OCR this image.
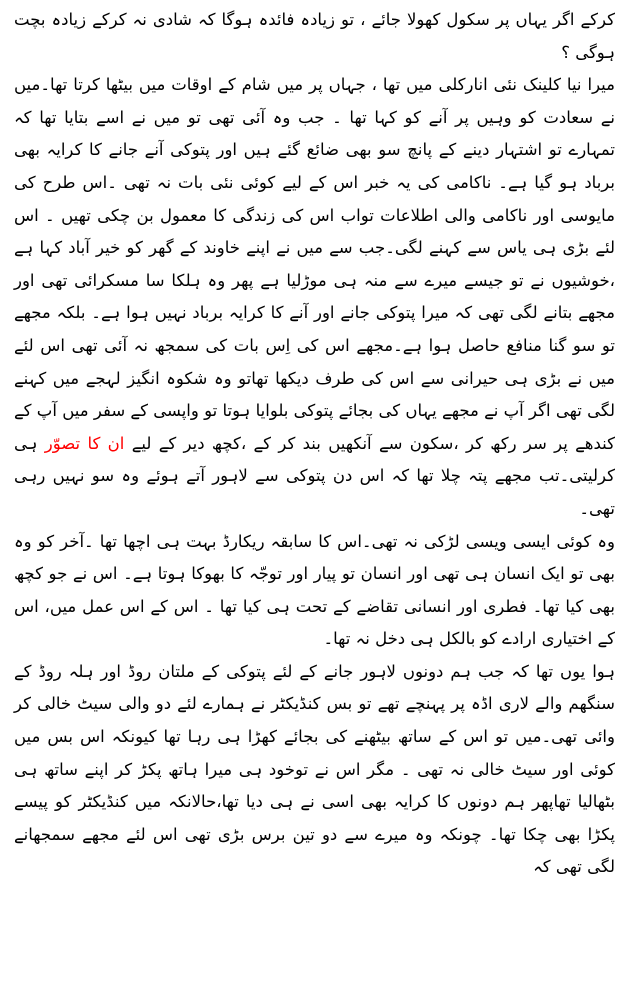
کرکے اگر یہاں پر سکول کھولا جائے ، تو زیادہ فائدہ ہوگا کہ شادی نہ کرکے زیادہ بچت ہوگی ؟

میرا نیا کلینک نئی انارکلی میں تھا ، جہاں پر میں شام کے اوقات میں بیٹھا کرتا تھا۔میں نے سعادت کو وہیں پر آنے کو کہا تھا ۔ جب وہ آئی تھی تو میں نے اسے بتایا تھا کہ تمہارے تو اشتہار دینے کے پانچ سو بھی ضائع گئے ہیں اور پتوکی آنے جانے کا کرایہ بھی برباد ہو گیا ہے۔ ناکامی کی یہ خبر اس کے لیے کوئی نئی بات نہ تھی ۔اس طرح کی مایوسی اور ناکامی والی اطلاعات تواب اس کی زندگی کا معمول بن چکی تھیں ۔ اس لئے بڑی ہی یاس سے کہنے لگی۔جب سے میں نے اپنے خاوند کے گھر کو خیر آباد کہا ہے ،خوشیوں نے تو جیسے میرے سے منہ ہی موڑلیا ہے پھر وہ ہلکا سا مسکرائی تھی اور مجھے بتانے لگی تھی کہ میرا پتوکی جانے اور آنے کا کرایہ برباد نہیں ہوا ہے۔ بلکہ مجھے تو سو گنا منافع حاصل ہوا ہے۔مجھے اس کی اِس بات کی سمجھ نہ آئی تھی اس لئے میں نے بڑی ہی حیرانی سے اس کی طرف دیکھا تھاتو وہ شکوہ انگیز لہجے میں کہنے لگی تھی اگر آپ نے مجھے یہاں کی بجائے پتوکی بلوایا ہوتا تو واپسی کے سفر میں آپ کے کندھے پر سر رکھ کر ،سکون سے آنکھیں بند کر کے ،کچھ دیر کے لیے ان کا تصوّر ہی کرلیتی۔تب مجھے پتہ چلا تھا کہ اس دن پتوکی سے لاہور آتے ہوئے وہ سو نہیں رہی تھی۔

وہ کوئی ایسی ویسی لڑکی نہ تھی۔اس کا سابقہ ریکارڈ بہت ہی اچھا تھا ۔آخر کو وہ بھی تو ایک انسان ہی تھی اور انسان تو پیار اور توجّہ کا بھوکا ہوتا ہے۔ اس نے جو کچھ بھی کیا تھا۔ فطری اور انسانی تقاضے کے تحت ہی کیا تھا ۔ اس کے اس عمل میں، اس کے اختیاری ارادے کو بالکل ہی دخل نہ تھا۔

ہوا یوں تھا کہ جب ہم دونوں لاہور جانے کے لئے پتوکی کے ملتان روڈ اور ہلہ روڈ کے سنگھم والے لاری اڈہ پر پہنچے تھے تو بس کنڈیکٹر نے ہمارے لئے دو والی سیٹ خالی کر وائی تھی۔میں تو اس کے ساتھ بیٹھنے کی بجائے کھڑا ہی رہا تھا کیونکہ اس بس میں کوئی اور سیٹ خالی نہ تھی ۔ مگر اس نے توخود ہی میرا ہاتھ پکڑ کر اپنے ساتھ ہی بٹھالیا تھاپھر ہم دونوں کا کرایہ بھی اسی نے ہی دیا تھا،حالانکہ میں کنڈیکٹر کو پیسے پکڑا بھی چکا تھا۔ چونکہ وہ میرے سے دو تین برس بڑی تھی اس لئے مجھے سمجھانے لگی تھی کہ
